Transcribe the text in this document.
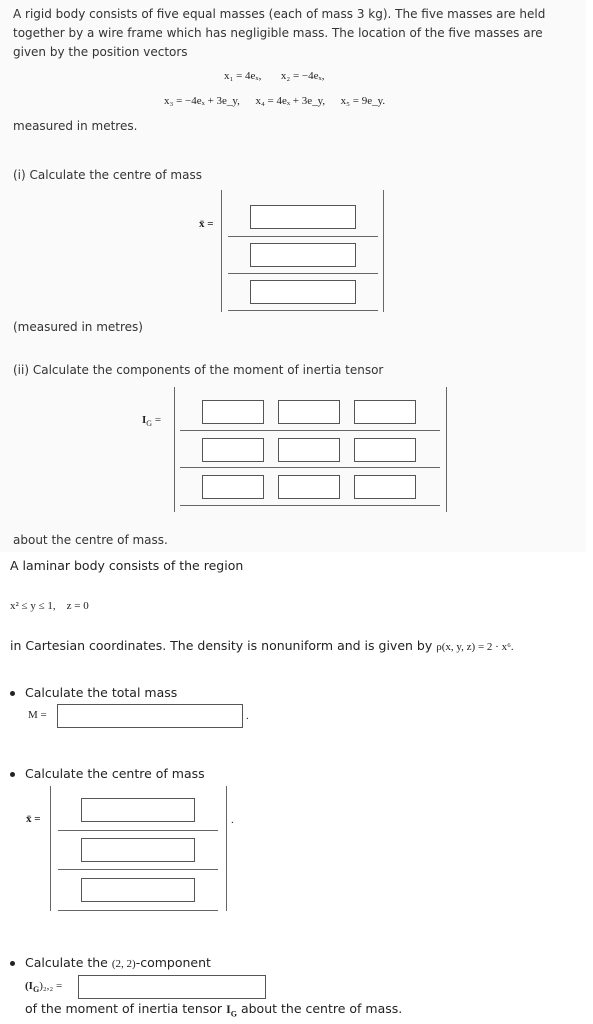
A rigid body consists of five equal masses (each of mass 3 kg). The five masses are held together by a wire frame which has negligible mass. The location of the five masses are given by the position vectors
x₁ = 4eₓ, x₂ = −4eₓ,
x₃ = −4eₓ + 3e_y, x₄ = 4eₓ + 3e_y, x₅ = 9e_y.
measured in metres.
(i) Calculate the centre of mass
x̄ =
(measured in metres)
(ii) Calculate the components of the moment of inertia tensor
$I_G$ =
about the centre of mass.
A laminar body consists of the region
x² ≤ y ≤ 1,    z = 0
in Cartesian coordinates. The density is nonuniform and is given by ρ(x, y, z) = 2 · x⁶.
Calculate the total mass
M =	.
Calculate the centre of mass
x̄ =	.
Calculate the (2, 2)-component
$(I_G)_2,_2$ =
of the moment of inertia tensor $I_G$ about the centre of mass.
